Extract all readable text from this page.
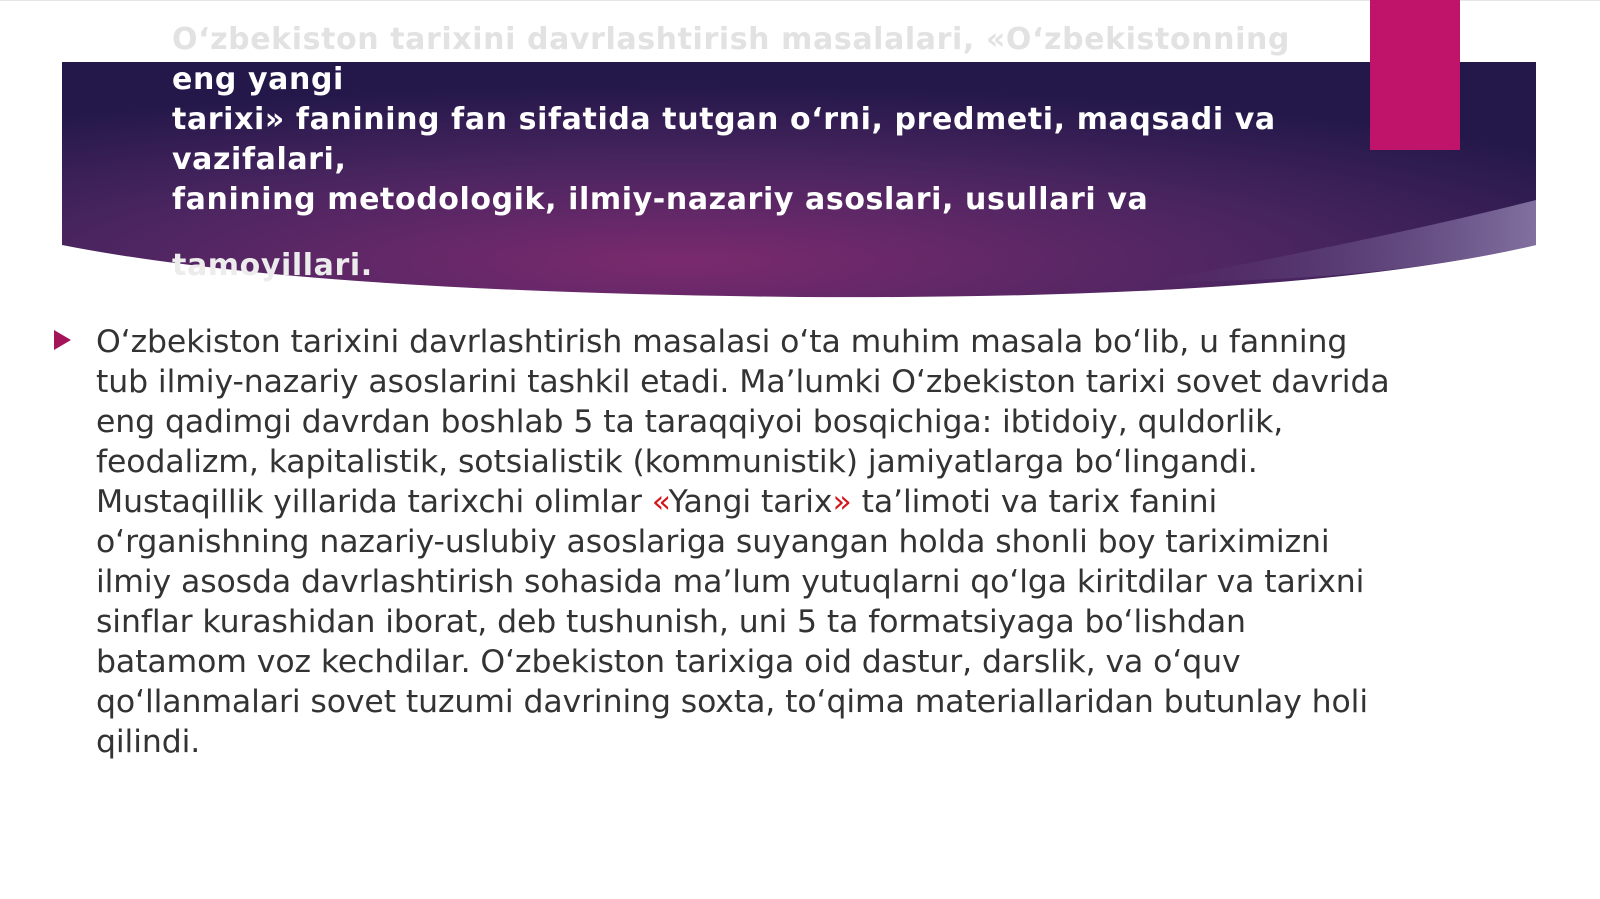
O‘zbekiston tarixini davrlashtirish masalalari, «O‘zbekistonning
eng yangi
tarixi» fanining fan sifatida tutgan o‘rni, predmeti, maqsadi va
vazifalari,
fanining metodologik, ilmiy-nazariy asoslari, usullari va
tamoyillari.

O‘zbekiston tarixini davrlashtirish masalasi o‘ta muhim masala bo‘lib, u fanning tub ilmiy-nazariy asoslarini tashkil etadi. Ma’lumki O‘zbekiston tarixi sovet davrida eng qadimgi davrdan boshlab 5 ta taraqqiyoi bosqichiga: ibtidoiy, quldorlik, feodalizm, kapitalistik, sotsialistik (kommunistik) jamiyatlarga bo‘lingandi.

Mustaqillik yillarida tarixchi olimlar «Yangi tarix» ta’limoti va tarix fanini o‘rganishning nazariy-uslubiy asoslariga suyangan holda shonli boy tariximizni ilmiy asosda davrlashtirish sohasida ma’lum yutuqlarni qo‘lga kiritdilar va tarixni sinflar kurashidan iborat, deb tushunish, uni 5 ta formatsiyaga bo‘lishdan batamom voz kechdilar. O‘zbekiston tarixiga oid dastur, darslik, va o‘quv qo‘llanmalari sovet tuzumi davrining soxta, to‘qima materiallaridan butunlay holi qilindi.
